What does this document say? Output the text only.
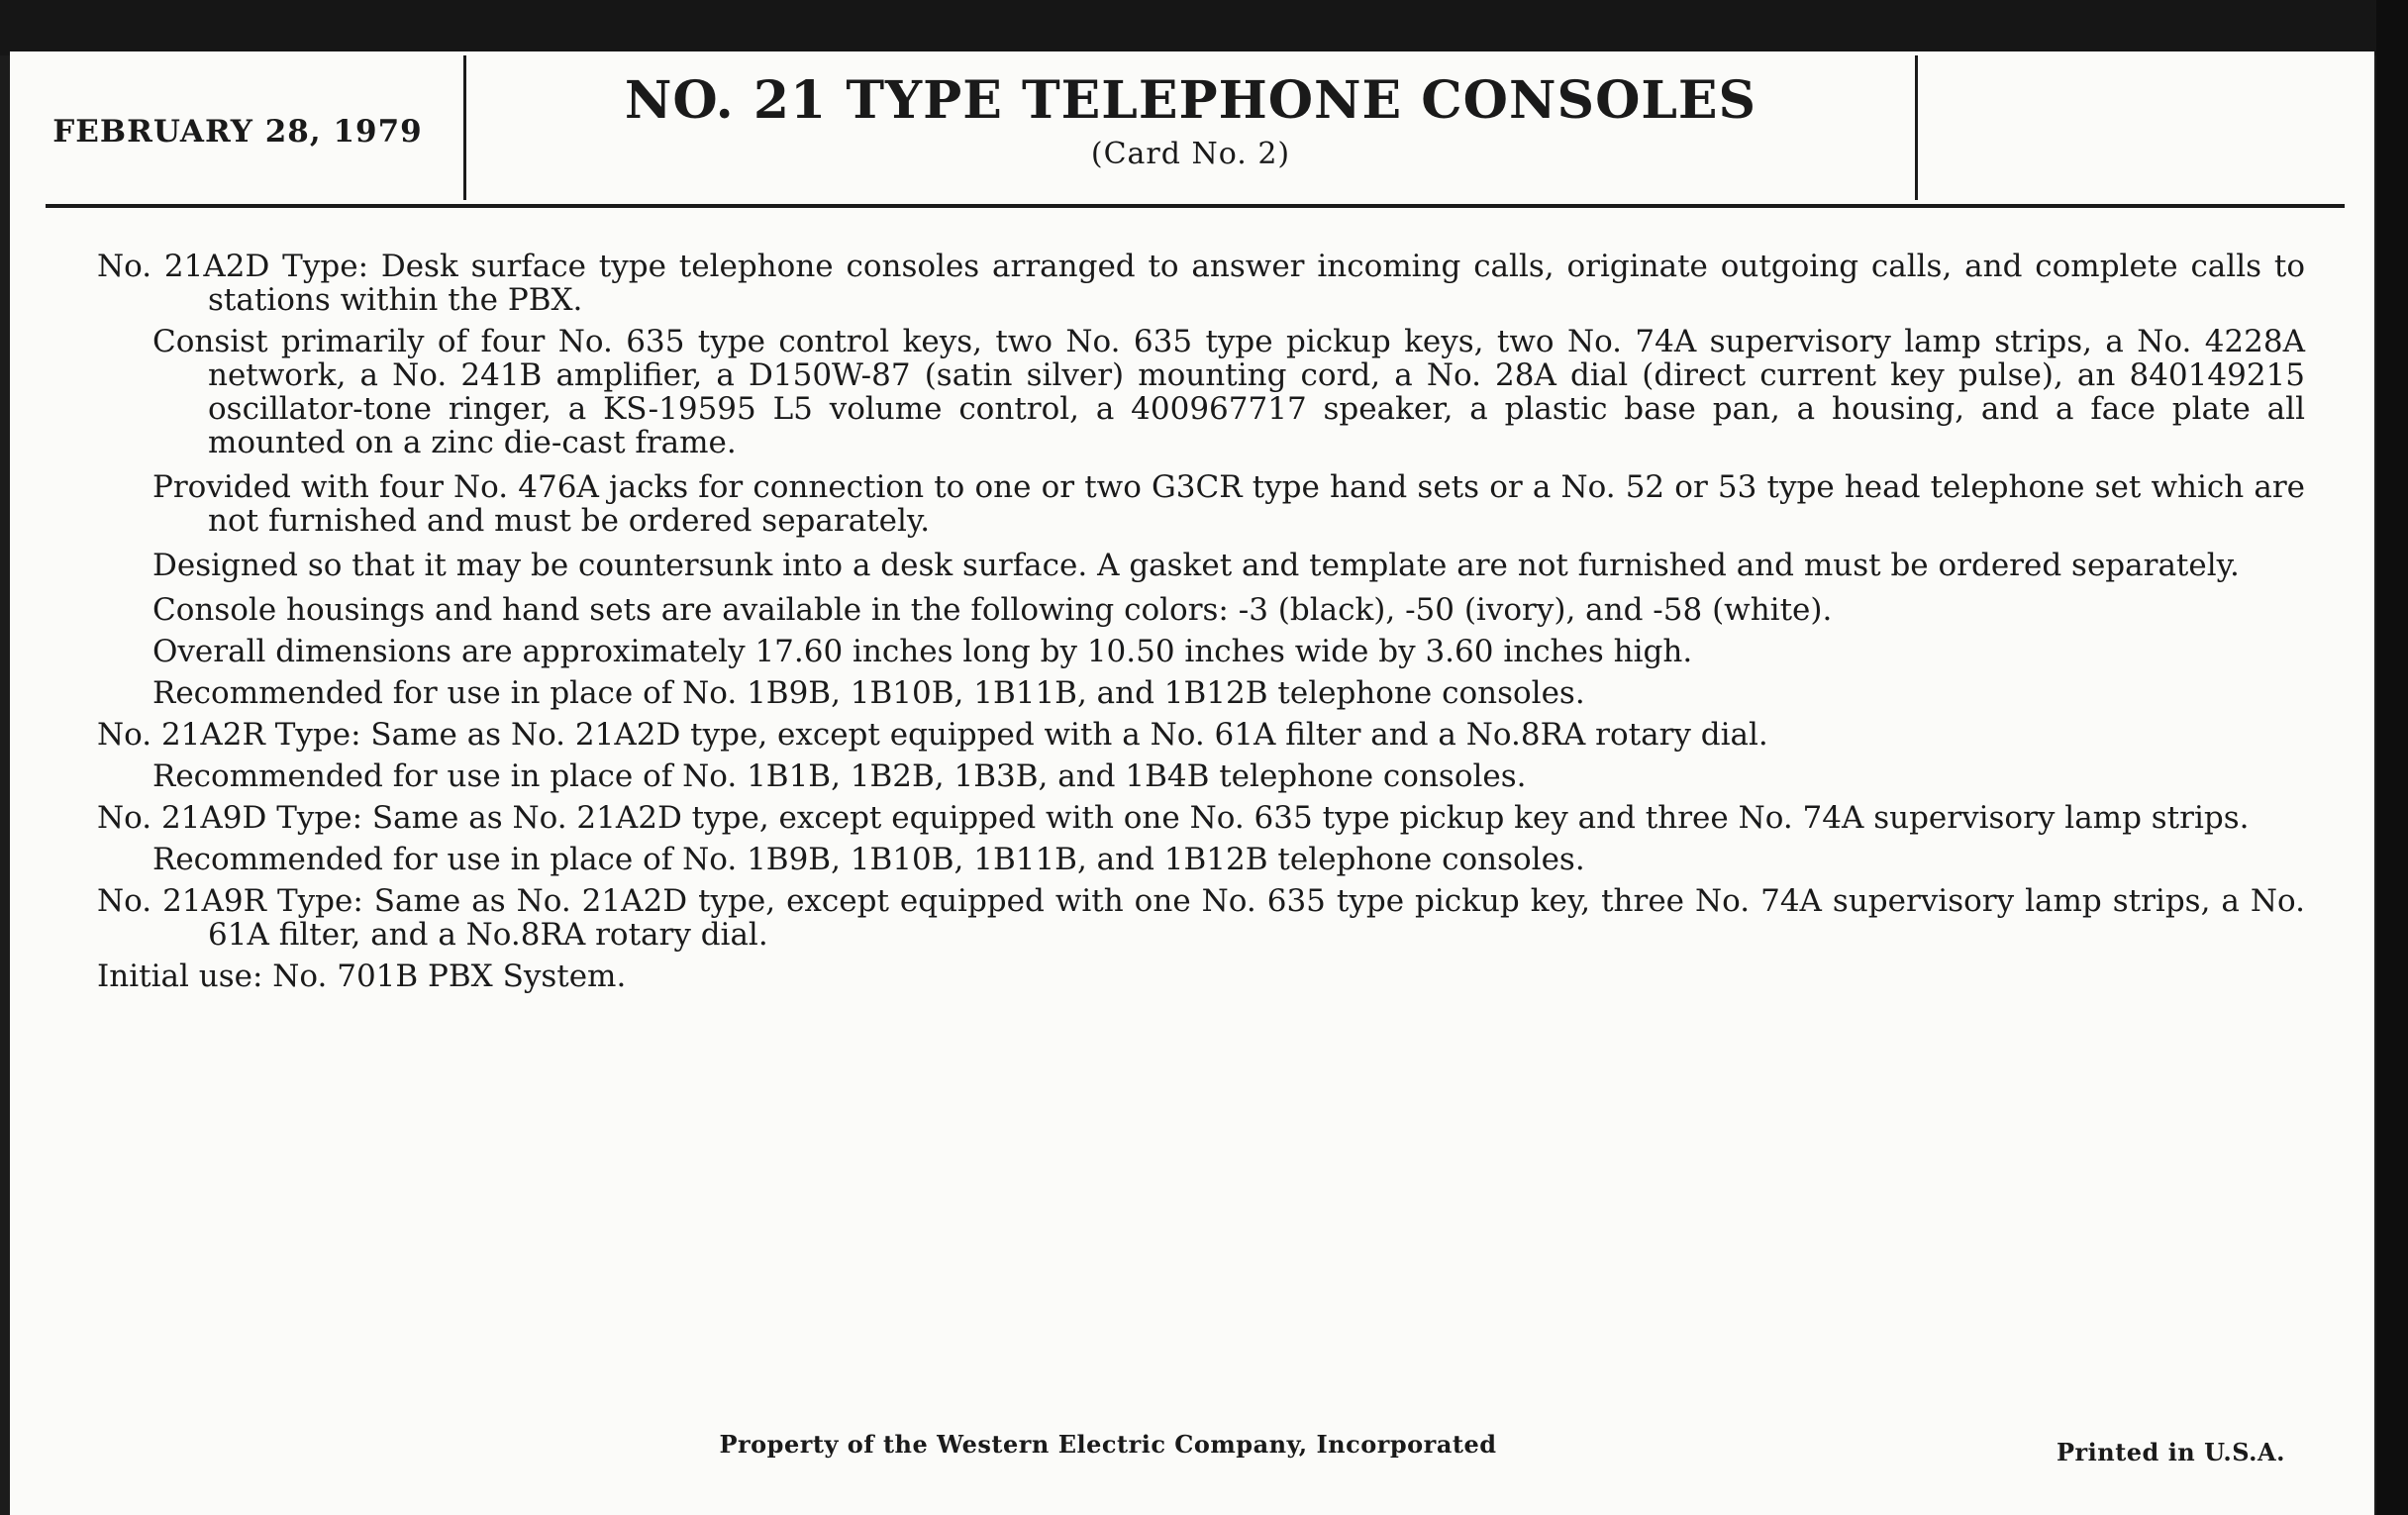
FEBRUARY 28, 1979
NO. 21 TYPE TELEPHONE CONSOLES
(Card No. 2)

No. 21A2D Type: Desk surface type telephone consoles arranged to answer incoming calls, originate outgoing calls, and complete calls to stations within the PBX.

Consist primarily of four No. 635 type control keys, two No. 635 type pickup keys, two No. 74A supervisory lamp strips, a No. 4228A network, a No. 241B amplifier, a D150W-87 (satin silver) mounting cord, a No. 28A dial (direct current key pulse), an 840149215 oscillator-tone ringer, a KS-19595 L5 volume control, a 400967717 speaker, a plastic base pan, a housing, and a face plate all mounted on a zinc die-cast frame.

Provided with four No. 476A jacks for connection to one or two G3CR type hand sets or a No. 52 or 53 type head telephone set which are not furnished and must be ordered separately.

Designed so that it may be countersunk into a desk surface. A gasket and template are not furnished and must be ordered separately.

Console housings and hand sets are available in the following colors: -3 (black), -50 (ivory), and -58 (white).

Overall dimensions are approximately 17.60 inches long by 10.50 inches wide by 3.60 inches high.

Recommended for use in place of No. 1B9B, 1B10B, 1B11B, and 1B12B telephone consoles.

No. 21A2R Type: Same as No. 21A2D type, except equipped with a No. 61A filter and a No.8RA rotary dial.

Recommended for use in place of No. 1B1B, 1B2B, 1B3B, and 1B4B telephone consoles.

No. 21A9D Type: Same as No. 21A2D type, except equipped with one No. 635 type pickup key and three No. 74A supervisory lamp strips.

Recommended for use in place of No. 1B9B, 1B10B, 1B11B, and 1B12B telephone consoles.

No. 21A9R Type: Same as No. 21A2D type, except equipped with one No. 635 type pickup key, three No. 74A supervisory lamp strips, a No. 61A filter, and a No.8RA rotary dial.

Initial use: No. 701B PBX System.

Property of the Western Electric Company, Incorporated	Printed in U.S.A.
